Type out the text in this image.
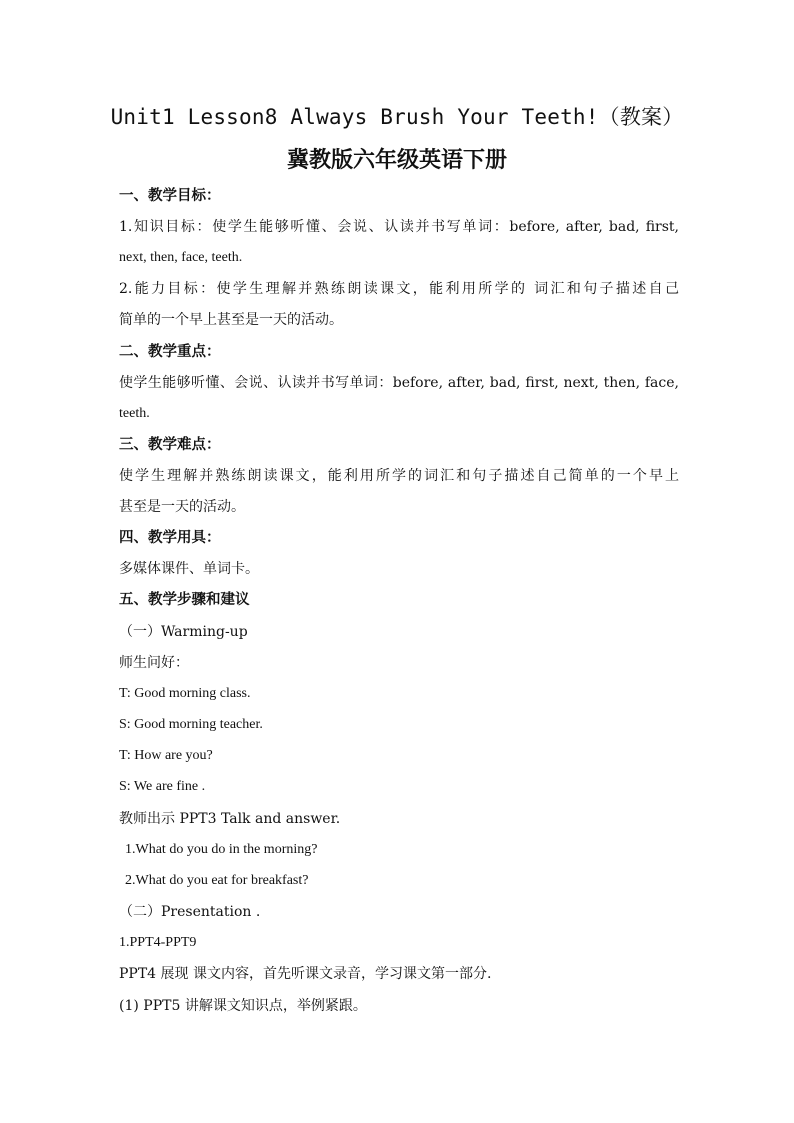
Unit1 Lesson8 Always Brush Your Teeth!（教案）
冀教版六年级英语下册
一、教学目标：
1.知识目标：使学生能够听懂、会说、认读并书写单词：before, after, bad, first,
next, then, face, teeth.
2.能力目标：使学生理解并熟练朗读课文，能利用所学的 词汇和句子描述自己
简单的一个早上甚至是一天的活动。
二、教学重点：
使学生能够听懂、会说、认读并书写单词：before, after, bad, first, next, then, face,
teeth.
三、教学难点：
使学生理解并熟练朗读课文，能利用所学的词汇和句子描述自己简单的一个早上
甚至是一天的活动。
四、教学用具：
多媒体课件、单词卡。
五、教学步骤和建议
（一）Warming-up
师生问好：
T: Good morning class.
S: Good morning teacher.
T: How are you?
S: We are fine .
教师出示 PPT3 Talk and answer.
1.What do you do in the morning?
2.What do you eat for breakfast?
（二）Presentation .
1.PPT4-PPT9
PPT4 展现 课文内容，首先听课文录音，学习课文第一部分.
(1) PPT5 讲解课文知识点，举例紧跟。
